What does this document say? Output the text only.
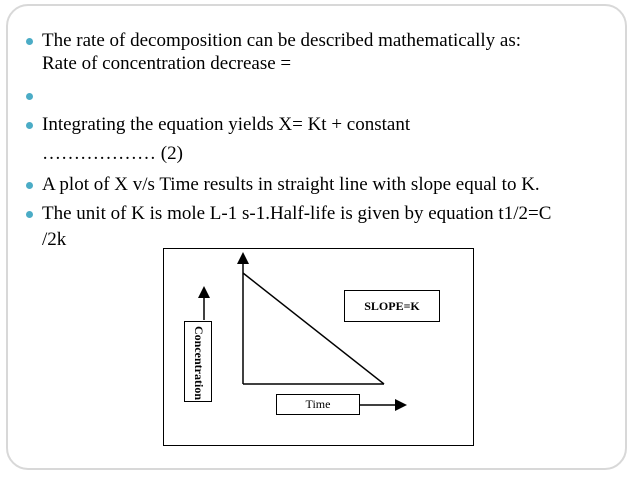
The rate of decomposition can be described mathematically as:
Rate of concentration decrease =
Integrating the equation yields X= Kt + constant
……………… (2)
A plot of X v/s Time results in straight line with slope equal to K.
The unit of K is mole L-1 s-1.Half-life is given by equation t1/2=C
/2k
SLOPE=K
Time
Concentration
